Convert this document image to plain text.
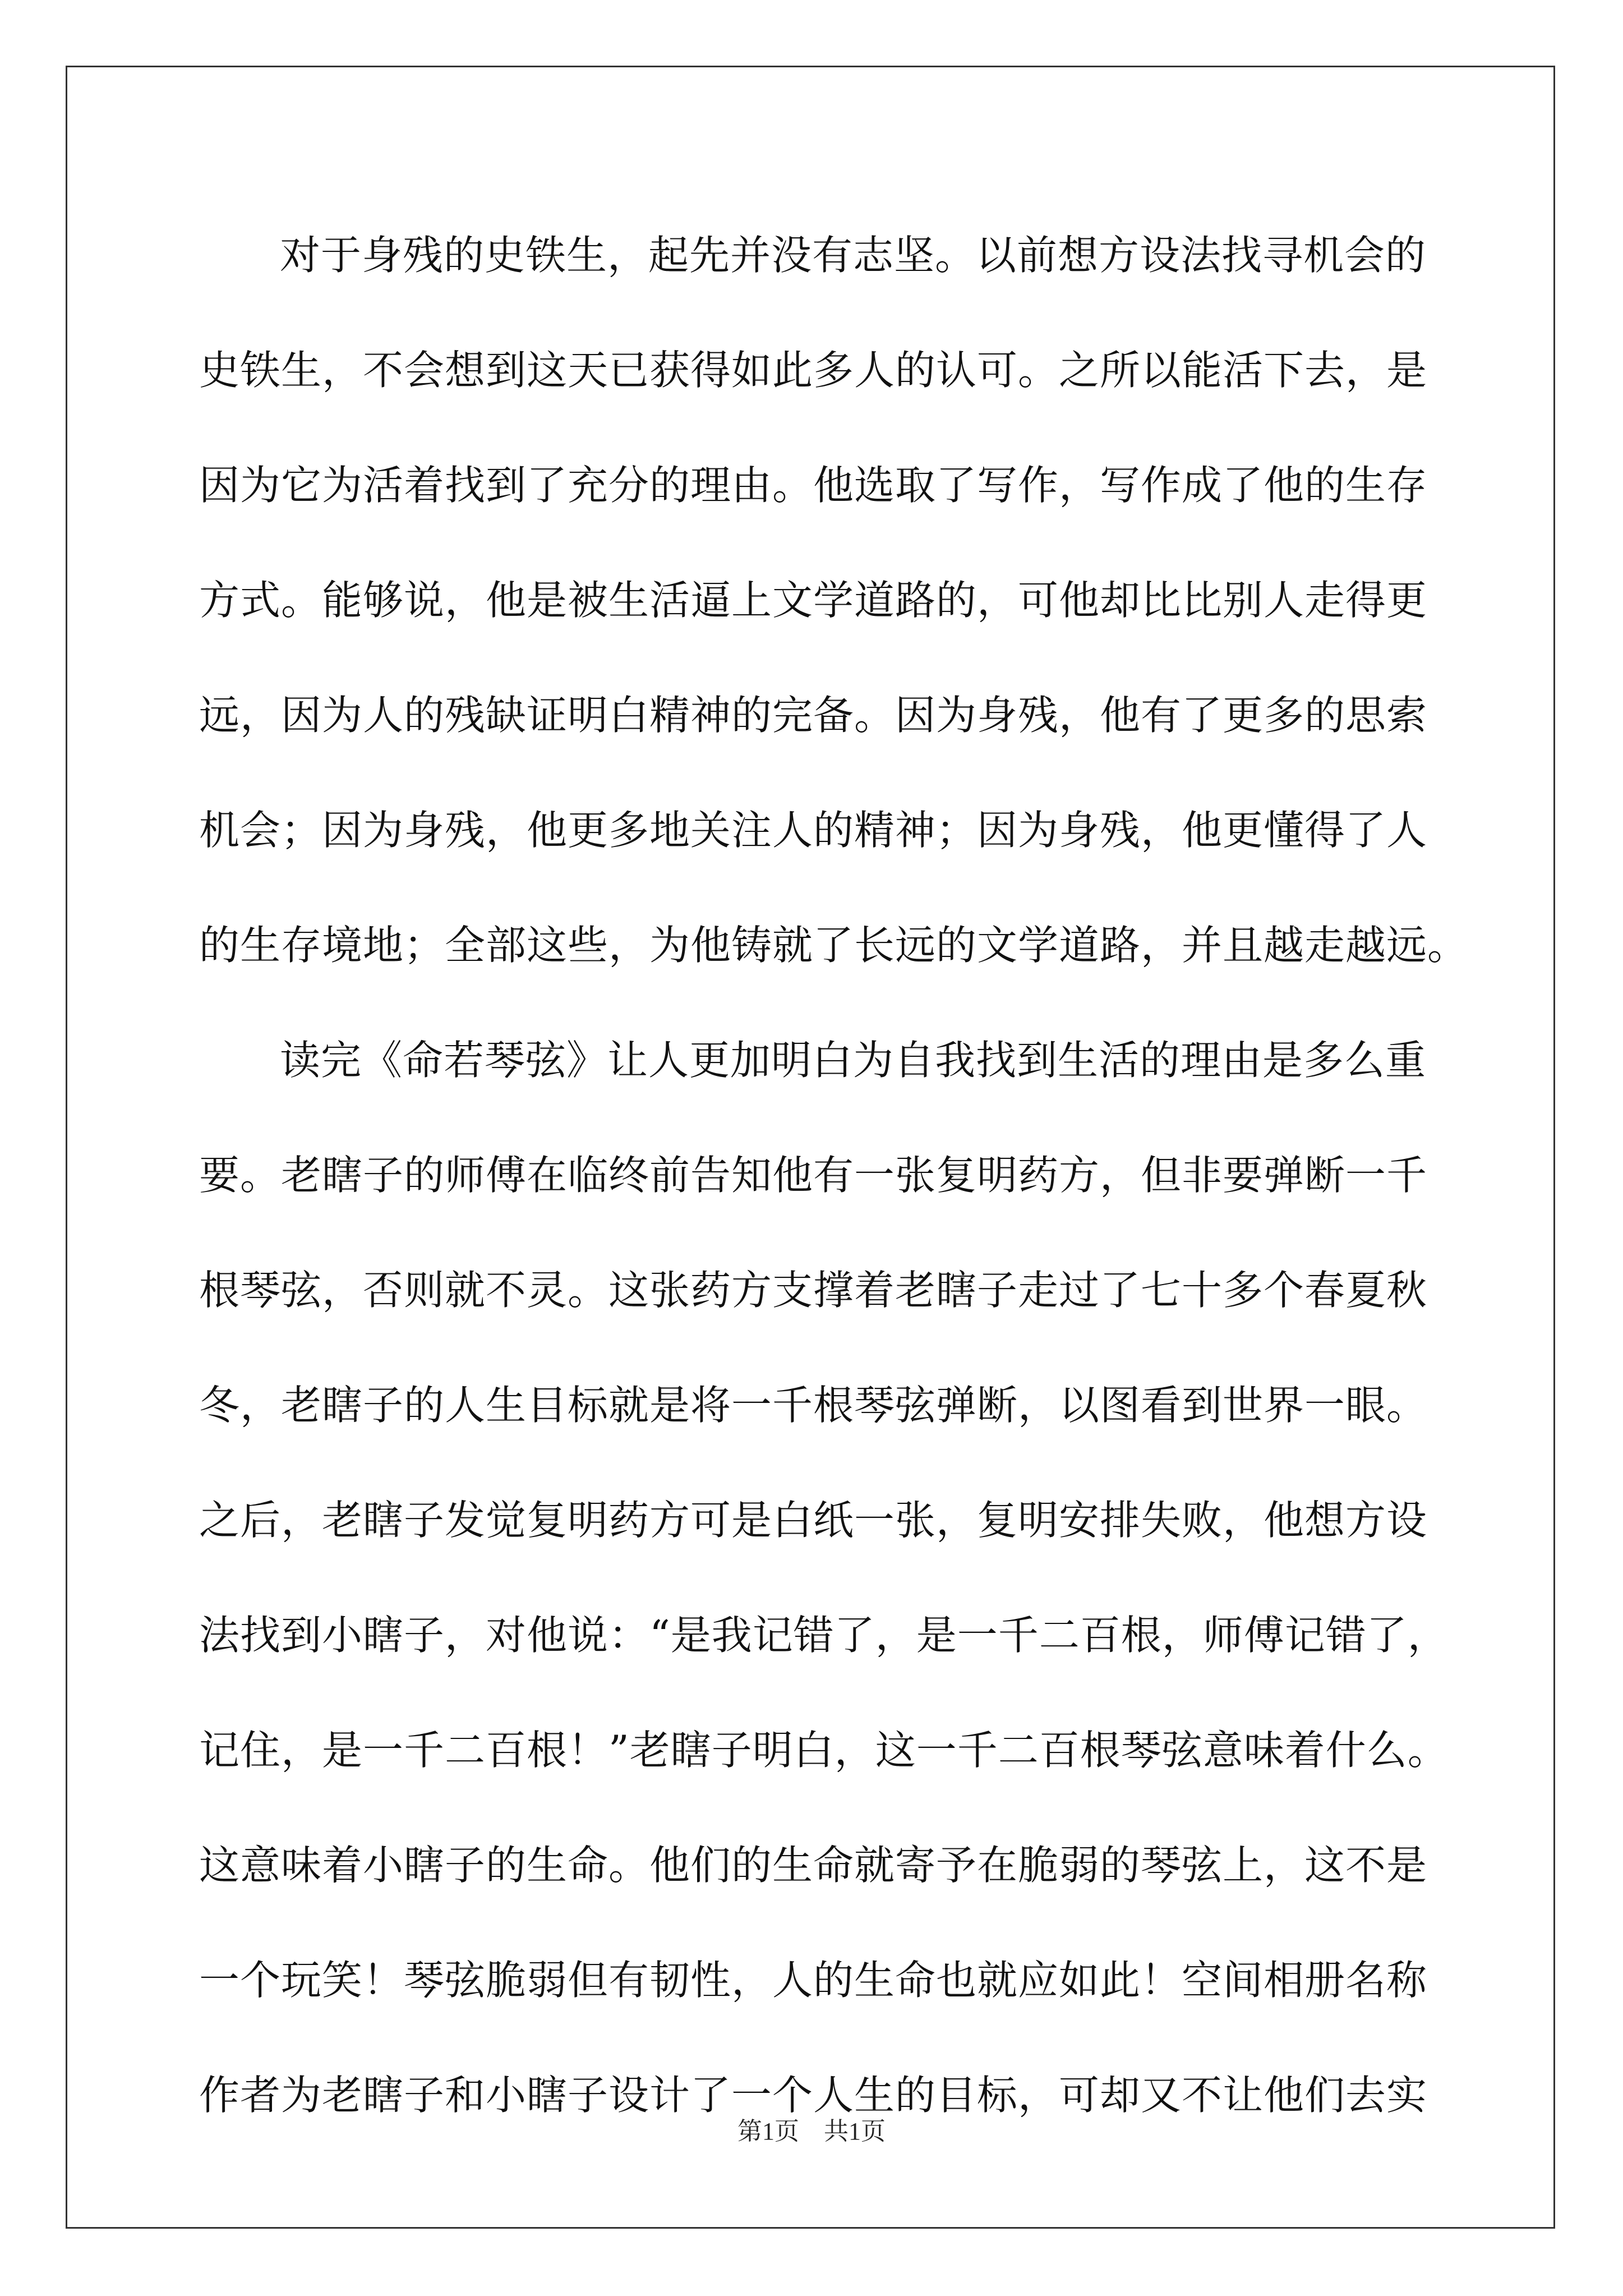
对于身残的史铁生，起先并没有志坚。以前想方设法找寻机会的
史铁生，不会想到这天已获得如此多人的认可。之所以能活下去，是
因为它为活着找到了充分的理由。他选取了写作，写作成了他的生存
方式。能够说，他是被生活逼上文学道路的，可他却比比别人走得更
远，因为人的残缺证明白精神的完备。因为身残，他有了更多的思索
机会；因为身残，他更多地关注人的精神；因为身残，他更懂得了人
的生存境地；全部这些，为他铸就了长远的文学道路，并且越走越远。
读完《命若琴弦》让人更加明白为自我找到生活的理由是多么重
要。老瞎子的师傅在临终前告知他有一张复明药方，但非要弹断一千
根琴弦，否则就不灵。这张药方支撑着老瞎子走过了七十多个春夏秋
冬，老瞎子的人生目标就是将一千根琴弦弹断，以图看到世界一眼。
之后，老瞎子发觉复明药方可是白纸一张，复明安排失败，他想方设
法找到小瞎子，对他说：“是我记错了，是一千二百根，师傅记错了，
记住，是一千二百根！”老瞎子明白，这一千二百根琴弦意味着什么。
这意味着小瞎子的生命。他们的生命就寄予在脆弱的琴弦上，这不是
一个玩笑！琴弦脆弱但有韧性，人的生命也就应如此！空间相册名称
作者为老瞎子和小瞎子设计了一个人生的目标，可却又不让他们去实
第1页　共1页
